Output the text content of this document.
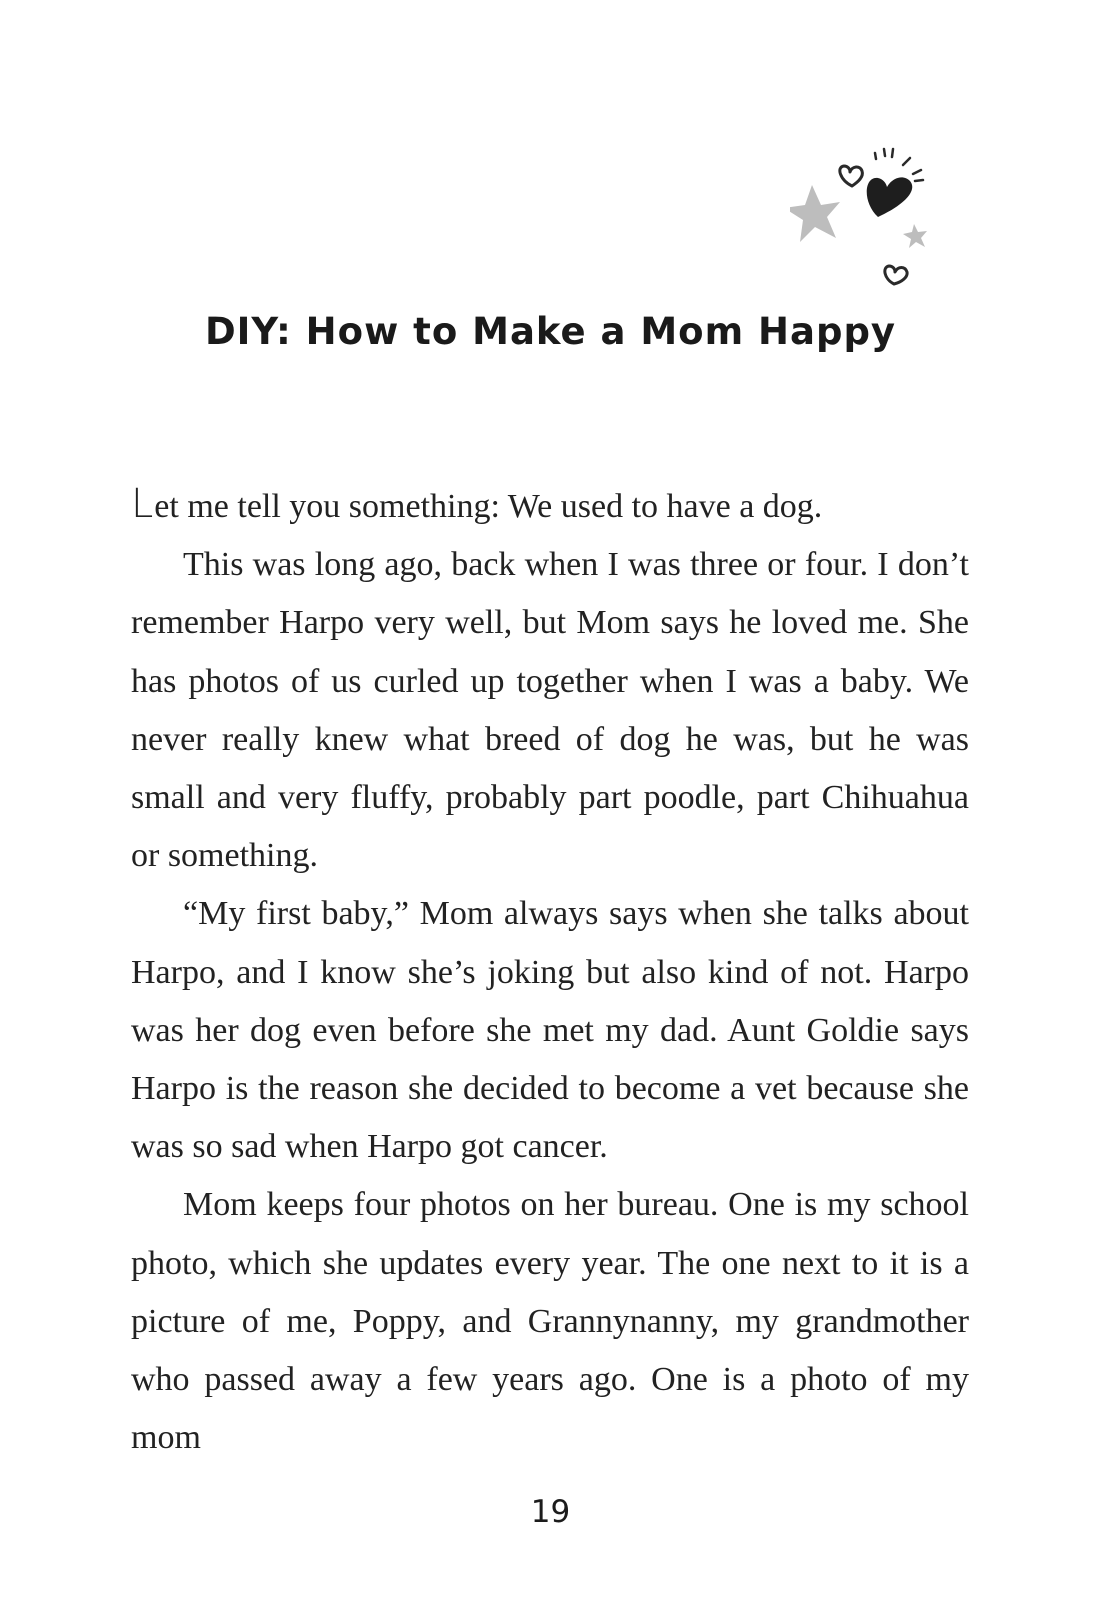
DIY: How to Make a Mom Happy

Let me tell you something: We used to have a dog.

This was long ago, back when I was three or four. I don’t remember Harpo very well, but Mom says he loved me. She has photos of us curled up together when I was a baby. We never really knew what breed of dog he was, but he was small and very fluffy, probably part poodle, part Chihuahua or something.

“My first baby,” Mom always says when she talks about Harpo, and I know she’s joking but also kind of not. Harpo was her dog even before she met my dad. Aunt Goldie says Harpo is the reason she decided to become a vet because she was so sad when Harpo got cancer.

Mom keeps four photos on her bureau. One is my school photo, which she updates every year. The one next to it is a picture of me, Poppy, and Grannynanny, my grandmother who passed away a few years ago. One is a photo of my mom

19
